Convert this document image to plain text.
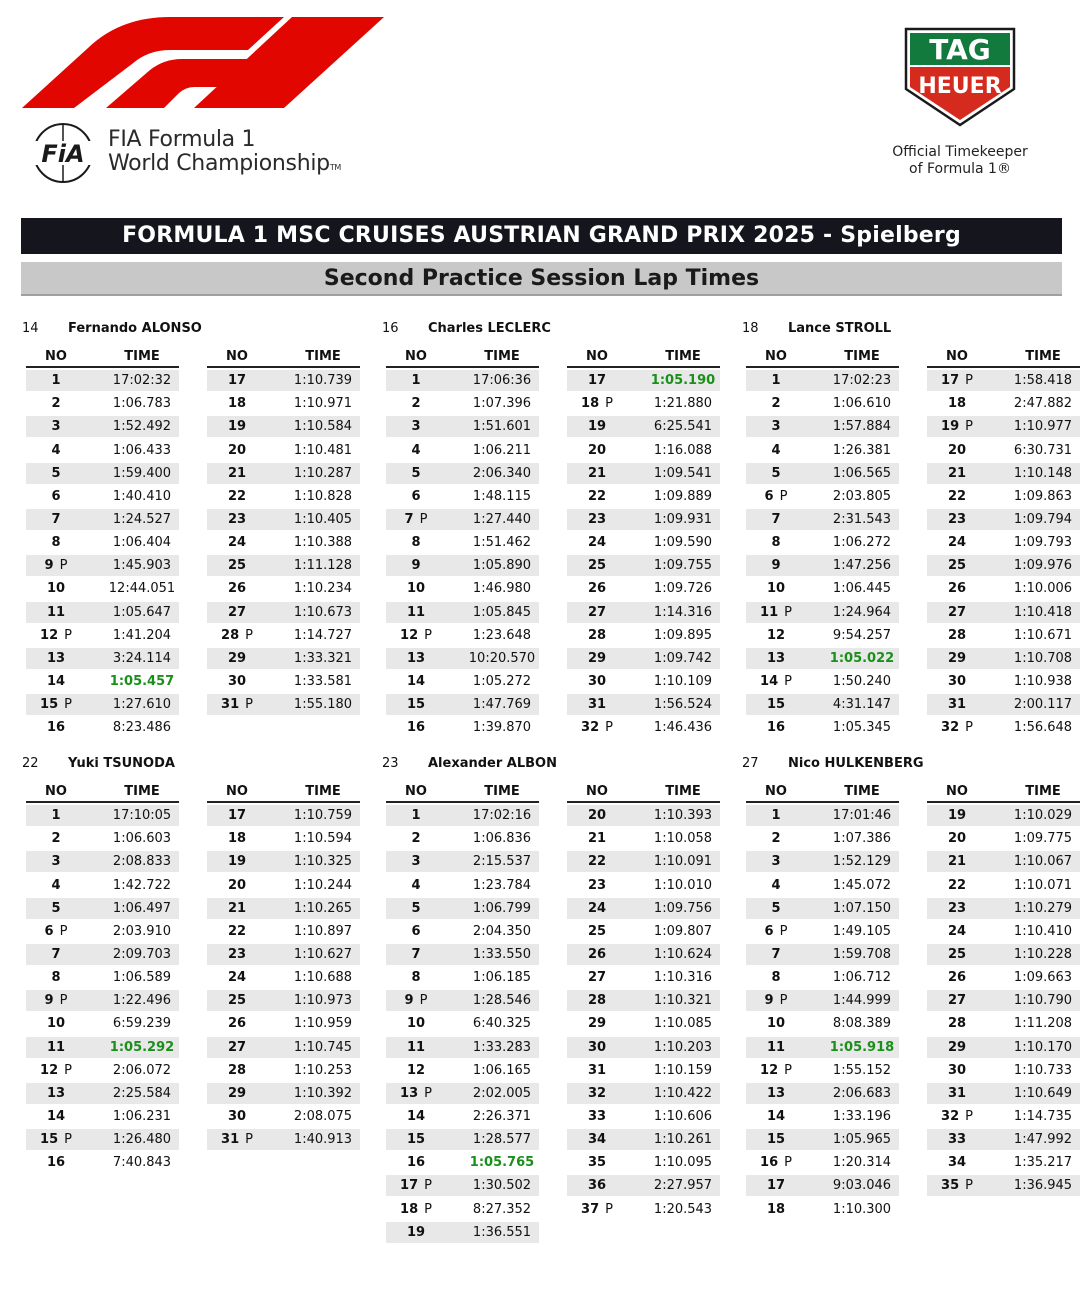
FiA
FIA Formula 1
World ChampionshipTM
TAG
HEUER
Official Timekeeper
of Formula 1®
FORMULA 1 MSC CRUISES AUSTRIAN GRAND PRIX 2025 - Spielberg
Second Practice Session Lap Times
14	Fernando ALONSO
NO	TIME
1	17:02:32
2	1:06.783
3	1:52.492
4	1:06.433
5	1:59.400
6	1:40.410
7	1:24.527
8	1:06.404
9 P	1:45.903
10	12:44.051
11	1:05.647
12 P	1:41.204
13	3:24.114
14	1:05.457
15 P	1:27.610
16	8:23.486
NO	TIME
17	1:10.739
18	1:10.971
19	1:10.584
20	1:10.481
21	1:10.287
22	1:10.828
23	1:10.405
24	1:10.388
25	1:11.128
26	1:10.234
27	1:10.673
28 P	1:14.727
29	1:33.321
30	1:33.581
31 P	1:55.180
16	Charles LECLERC
NO	TIME
1	17:06:36
2	1:07.396
3	1:51.601
4	1:06.211
5	2:06.340
6	1:48.115
7 P	1:27.440
8	1:51.462
9	1:05.890
10	1:46.980
11	1:05.845
12 P	1:23.648
13	10:20.570
14	1:05.272
15	1:47.769
16	1:39.870
NO	TIME
17	1:05.190
18 P	1:21.880
19	6:25.541
20	1:16.088
21	1:09.541
22	1:09.889
23	1:09.931
24	1:09.590
25	1:09.755
26	1:09.726
27	1:14.316
28	1:09.895
29	1:09.742
30	1:10.109
31	1:56.524
32 P	1:46.436
18	Lance STROLL
NO	TIME
1	17:02:23
2	1:06.610
3	1:57.884
4	1:26.381
5	1:06.565
6 P	2:03.805
7	2:31.543
8	1:06.272
9	1:47.256
10	1:06.445
11 P	1:24.964
12	9:54.257
13	1:05.022
14 P	1:50.240
15	4:31.147
16	1:05.345
NO	TIME
17 P	1:58.418
18	2:47.882
19 P	1:10.977
20	6:30.731
21	1:10.148
22	1:09.863
23	1:09.794
24	1:09.793
25	1:09.976
26	1:10.006
27	1:10.418
28	1:10.671
29	1:10.708
30	1:10.938
31	2:00.117
32 P	1:56.648
22	Yuki TSUNODA
NO	TIME
1	17:10:05
2	1:06.603
3	2:08.833
4	1:42.722
5	1:06.497
6 P	2:03.910
7	2:09.703
8	1:06.589
9 P	1:22.496
10	6:59.239
11	1:05.292
12 P	2:06.072
13	2:25.584
14	1:06.231
15 P	1:26.480
16	7:40.843
NO	TIME
17	1:10.759
18	1:10.594
19	1:10.325
20	1:10.244
21	1:10.265
22	1:10.897
23	1:10.627
24	1:10.688
25	1:10.973
26	1:10.959
27	1:10.745
28	1:10.253
29	1:10.392
30	2:08.075
31 P	1:40.913
23	Alexander ALBON
NO	TIME
1	17:02:16
2	1:06.836
3	2:15.537
4	1:23.784
5	1:06.799
6	2:04.350
7	1:33.550
8	1:06.185
9 P	1:28.546
10	6:40.325
11	1:33.283
12	1:06.165
13 P	2:02.005
14	2:26.371
15	1:28.577
16	1:05.765
17 P	1:30.502
18 P	8:27.352
19	1:36.551
NO	TIME
20	1:10.393
21	1:10.058
22	1:10.091
23	1:10.010
24	1:09.756
25	1:09.807
26	1:10.624
27	1:10.316
28	1:10.321
29	1:10.085
30	1:10.203
31	1:10.159
32	1:10.422
33	1:10.606
34	1:10.261
35	1:10.095
36	2:27.957
37 P	1:20.543
27	Nico HULKENBERG
NO	TIME
1	17:01:46
2	1:07.386
3	1:52.129
4	1:45.072
5	1:07.150
6 P	1:49.105
7	1:59.708
8	1:06.712
9 P	1:44.999
10	8:08.389
11	1:05.918
12 P	1:55.152
13	2:06.683
14	1:33.196
15	1:05.965
16 P	1:20.314
17	9:03.046
18	1:10.300
NO	TIME
19	1:10.029
20	1:09.775
21	1:10.067
22	1:10.071
23	1:10.279
24	1:10.410
25	1:10.228
26	1:09.663
27	1:10.790
28	1:11.208
29	1:10.170
30	1:10.733
31	1:10.649
32 P	1:14.735
33	1:47.992
34	1:35.217
35 P	1:36.945
